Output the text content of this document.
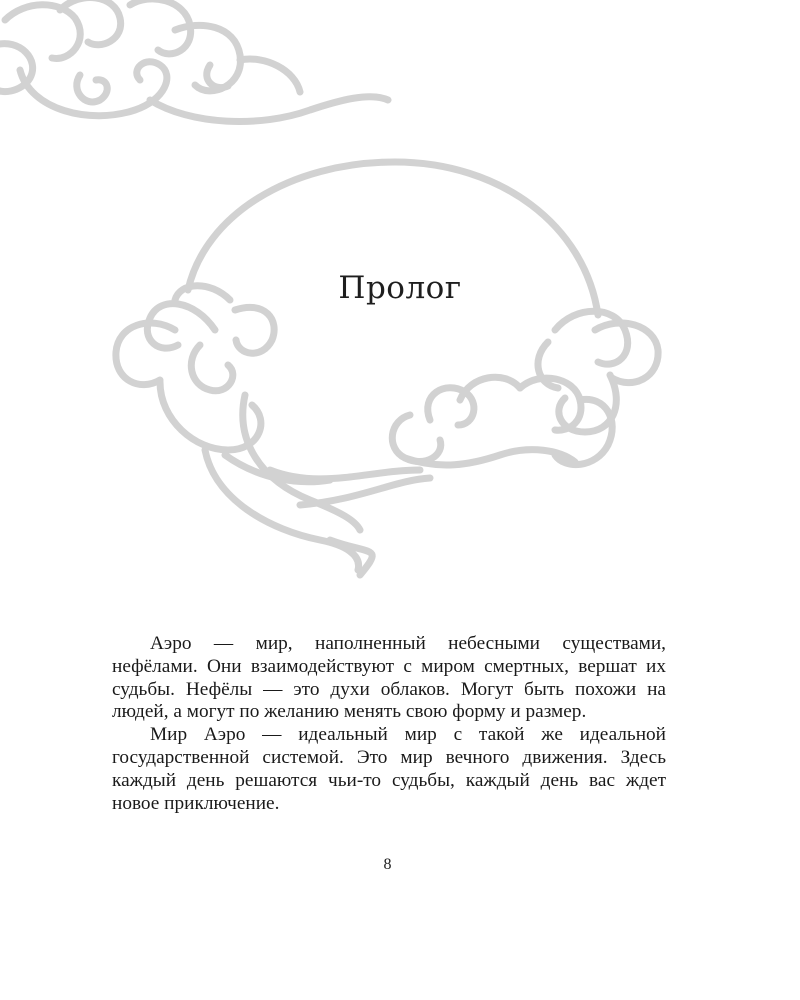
Пролог

Аэро — мир, наполненный небесными существами, нефёлами. Они взаимодействуют с миром смертных, вершат их судьбы. Нефёлы — это духи облаков. Могут быть похожи на людей, а могут по желанию менять свою форму и размер.

Мир Аэро — идеальный мир с такой же идеальной государственной системой. Это мир вечного движения. Здесь каждый день решаются чьи-то судьбы, каждый день вас ждет новое приключение.

8
